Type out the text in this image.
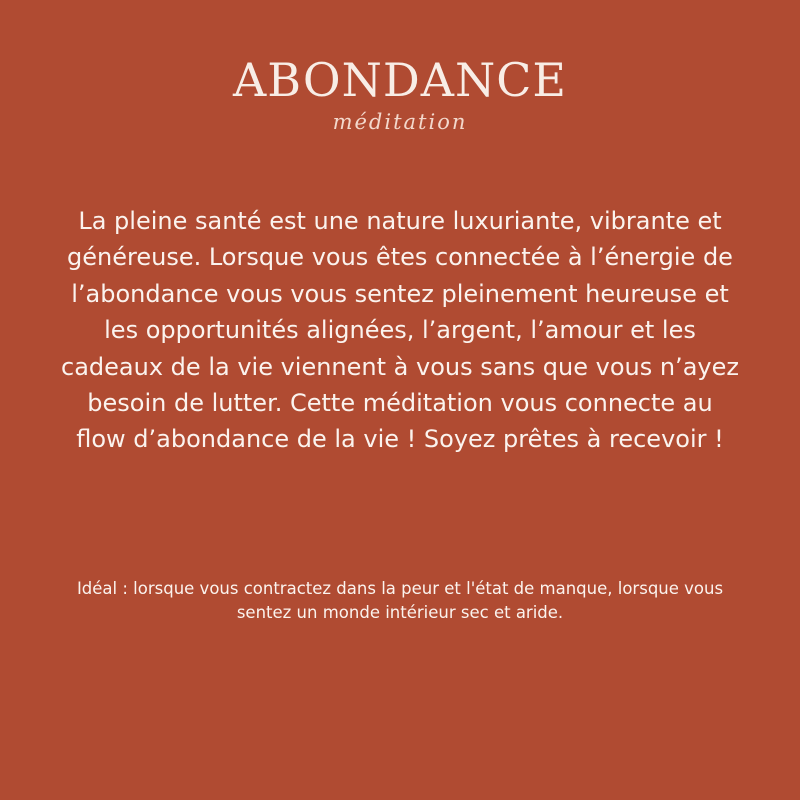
ABONDANCE
méditation

La pleine santé est une nature luxuriante, vibrante et généreuse. Lorsque vous êtes connectée à l’énergie de l’abondance vous vous sentez pleinement heureuse et les opportunités alignées, l’argent, l’amour et les cadeaux de la vie viennent à vous sans que vous n’ayez besoin de lutter. Cette méditation vous connecte au flow d’abondance de la vie ! Soyez prêtes à recevoir !

Idéal : lorsque vous contractez dans la peur et l'état de manque, lorsque vous sentez un monde intérieur sec et aride.
